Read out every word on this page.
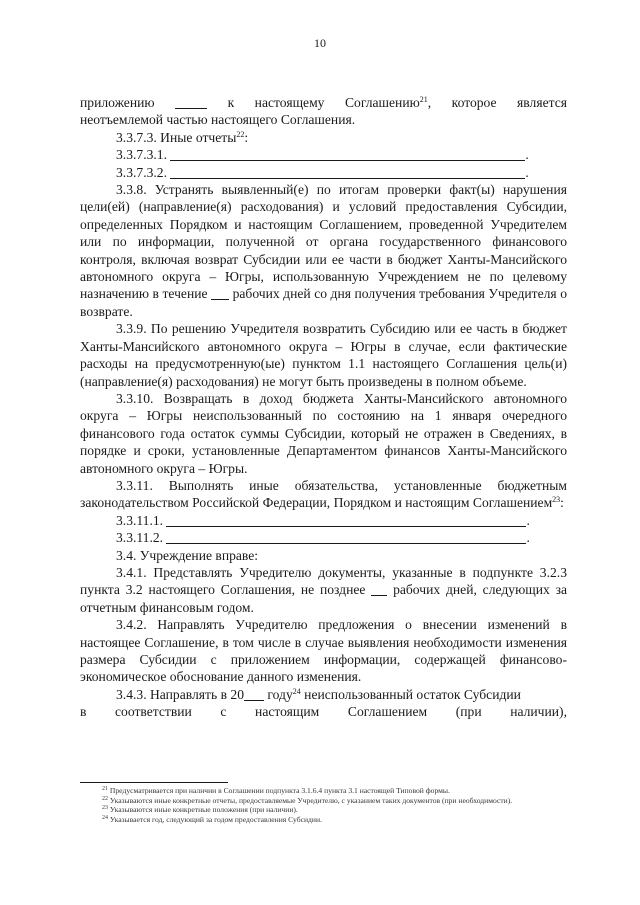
10

приложению	к настоящему Соглашению$^{21}$, которое является

неотъемлемой частью настоящего Соглашения.

3.3.7.3. Иные отчеты$^{22}$:

3.3.7.3.1.	.

3.3.7.3.2.	.

3.3.8. Устранять выявленный(е) по итогам проверки факт(ы) нарушения цели(ей) (направление(я) расходования) и условий предоставления Субсидии, определенных Порядком и настоящим Соглашением, проведенной Учредителем или по информации, полученной от органа государственного финансового контроля, включая возврат Субсидии или ее части в бюджет Ханты-Мансийского автономного округа – Югры, использованную Учреждением не по целевому назначению в течение рабочих дней со дня получения требования Учредителя о возврате.

3.3.9. По решению Учредителя возвратить Субсидию или ее часть в бюджет Ханты-Мансийского автономного округа – Югры в случае, если фактические расходы на предусмотренную(ые) пунктом 1.1 настоящего Соглашения цель(и) (направление(я) расходования) не могут быть произведены в полном объеме.

3.3.10. Возвращать в доход бюджета Ханты-Мансийского автономного округа – Югры неиспользованный по состоянию на 1 января очередного финансового года остаток суммы Субсидии, который не отражен в Сведениях, в порядке и сроки, установленные Департаментом финансов Ханты-Мансийского автономного округа – Югры.

3.3.11. Выполнять иные обязательства, установленные бюджетным законодательством Российской Федерации, Порядком и настоящим Соглашением$^{23}$:

3.3.11.1.	.

3.3.11.2.	.

3.4. Учреждение вправе:

3.4.1. Представлять Учредителю документы, указанные в подпункте 3.2.3 пункта 3.2 настоящего Соглашения, не позднее рабочих дней, следующих за отчетным финансовым годом.

3.4.2. Направлять Учредителю предложения о внесении изменений в настоящее Соглашение, в том числе в случае выявления необходимости изменения размера Субсидии с приложением информации, содержащей финансово-экономическое обоснование данного изменения.

3.4.3. Направлять в 20 году$^{24}$ неиспользованный остаток Субсидии

в соответствии с настоящим Соглашением (при наличии),

$^{21}$ Предусматривается при наличии в Соглашении подпункта 3.1.6.4 пункта 3.1 настоящей Типовой формы.

$^{22}$ Указываются иные конкретные отчеты, предоставляемые Учредителю, с указанием таких документов (при необходимости).

$^{23}$ Указываются иные конкретные положения (при наличии).

$^{24}$ Указывается год, следующий за годом предоставления Субсидии.
